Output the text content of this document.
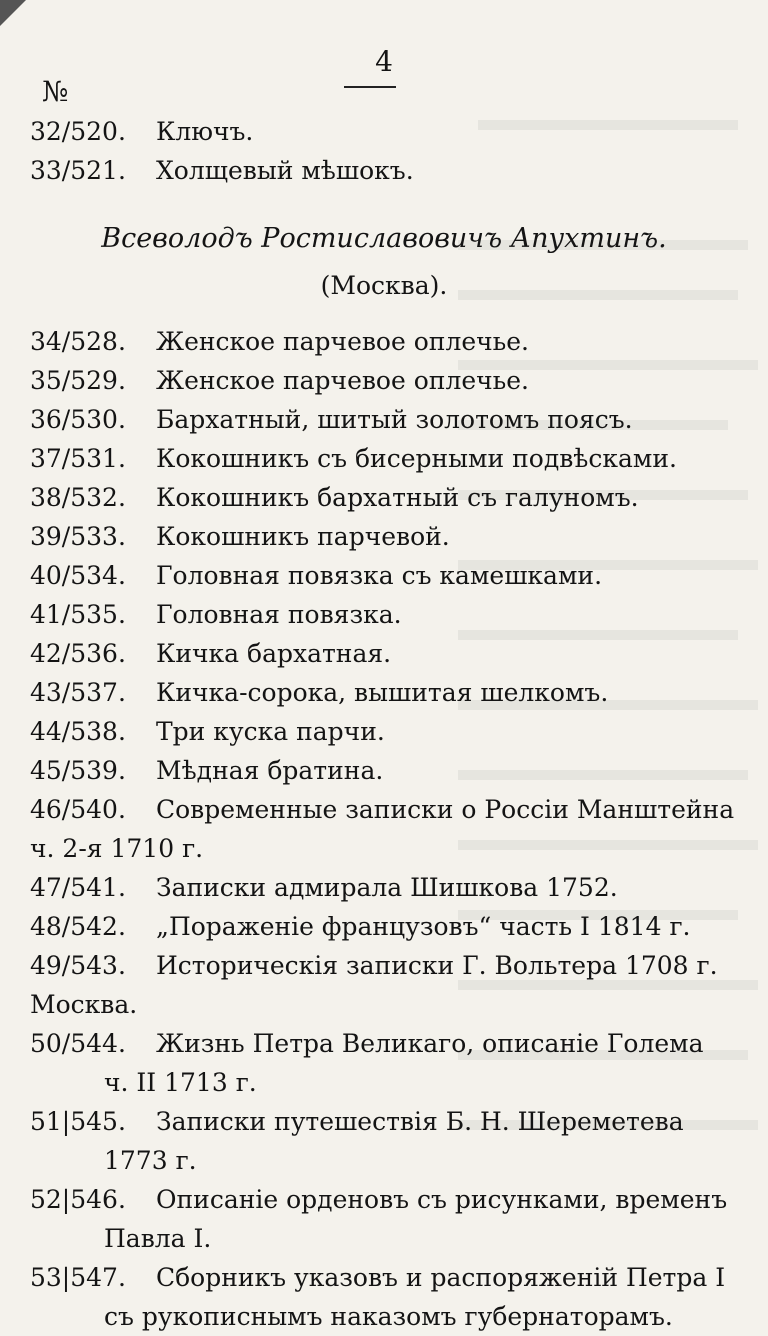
№
4
32/520. Ключъ.
33/521. Холщевый мѣшокъ.
Всеволодъ Ростиславовичъ Апухтинъ.
(Москва).
34/528. Женское парчевое оплечье.
35/529. Женское парчевое оплечье.
36/530. Бархатный, шитый золотомъ поясъ.
37/531. Кокошникъ съ бисерными подвѣсками.
38/532. Кокошникъ бархатный съ галуномъ.
39/533. Кокошникъ парчевой.
40/534. Головная повязка съ камешками.
41/535. Головная повязка.
42/536. Кичка бархатная.
43/537. Кичка-сорока, вышитая шелкомъ.
44/538. Три куска парчи.
45/539. Мѣдная братина.
46/540. Современные записки о Россіи Манштейна
ч. 2-я 1710 г.
47/541. Записки адмирала Шишкова 1752.
48/542. „Пораженіе французовъ“ часть I 1814 г.
49/543. Историческія записки Г. Вольтера 1708 г.
Москва.
50/544. Жизнь Петра Великаго, описаніе Голема
ч. II 1713 г.
51|545. Записки путешествія Б. Н. Шереметева
1773 г.
52|546. Описаніе орденовъ съ рисунками, временъ
Павла I.
53|547. Сборникъ указовъ и распоряженій Петра I
съ рукописнымъ наказомъ губернаторамъ.
